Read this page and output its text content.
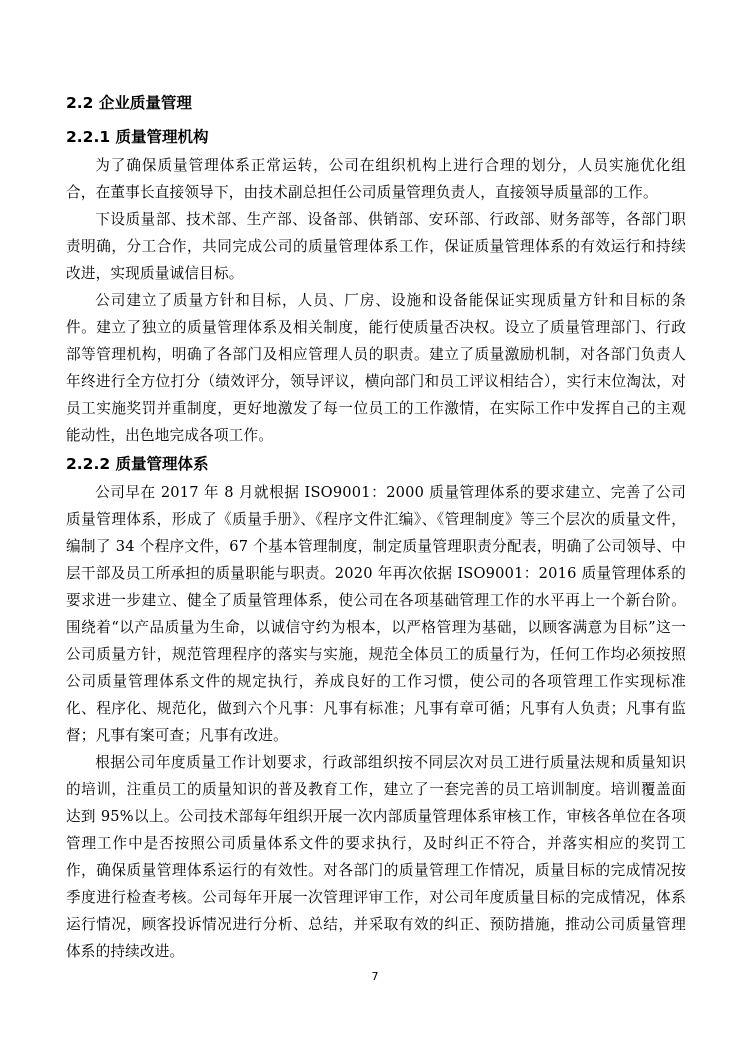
2.2 企业质量管理
2.2.1 质量管理机构

为了确保质量管理体系正常运转，公司在组织机构上进行合理的划分，人员实施优化组合，在董事长直接领导下，由技术副总担任公司质量管理负责人，直接领导质量部的工作。

下设质量部、技术部、生产部、设备部、供销部、安环部、行政部、财务部等，各部门职责明确，分工合作，共同完成公司的质量管理体系工作，保证质量管理体系的有效运行和持续改进，实现质量诚信目标。

公司建立了质量方针和目标，人员、厂房、设施和设备能保证实现质量方针和目标的条件。建立了独立的质量管理体系及相关制度，能行使质量否决权。设立了质量管理部门、行政部等管理机构，明确了各部门及相应管理人员的职责。建立了质量激励机制，对各部门负责人年终进行全方位打分（绩效评分，领导评议，横向部门和员工评议相结合），实行末位淘汰，对员工实施奖罚并重制度，更好地激发了每一位员工的工作激情，在实际工作中发挥自己的主观能动性，出色地完成各项工作。

2.2.2 质量管理体系

公司早在 2017 年 8 月就根据 ISO9001：2000 质量管理体系的要求建立、完善了公司质量管理体系，形成了《质量手册》、《程序文件汇编》、《管理制度》等三个层次的质量文件，编制了 34 个程序文件，67 个基本管理制度，制定质量管理职责分配表，明确了公司领导、中层干部及员工所承担的质量职能与职责。2020 年再次依据 ISO9001：2016 质量管理体系的要求进一步建立、健全了质量管理体系，使公司在各项基础管理工作的水平再上一个新台阶。围绕着“以产品质量为生命，以诚信守约为根本，以严格管理为基础，以顾客满意为目标”这一公司质量方针，规范管理程序的落实与实施，规范全体员工的质量行为，任何工作均必须按照公司质量管理体系文件的规定执行，养成良好的工作习惯，使公司的各项管理工作实现标准化、程序化、规范化，做到六个凡事：凡事有标准；凡事有章可循；凡事有人负责；凡事有监督；凡事有案可查；凡事有改进。

根据公司年度质量工作计划要求，行政部组织按不同层次对员工进行质量法规和质量知识的培训，注重员工的质量知识的普及教育工作，建立了一套完善的员工培训制度。培训覆盖面达到 95%以上。公司技术部每年组织开展一次内部质量管理体系审核工作，审核各单位在各项管理工作中是否按照公司质量体系文件的要求执行，及时纠正不符合，并落实相应的奖罚工作，确保质量管理体系运行的有效性。对各部门的质量管理工作情况，质量目标的完成情况按季度进行检查考核。公司每年开展一次管理评审工作，对公司年度质量目标的完成情况，体系运行情况，顾客投诉情况进行分析、总结，并采取有效的纠正、预防措施，推动公司质量管理体系的持续改进。

7
